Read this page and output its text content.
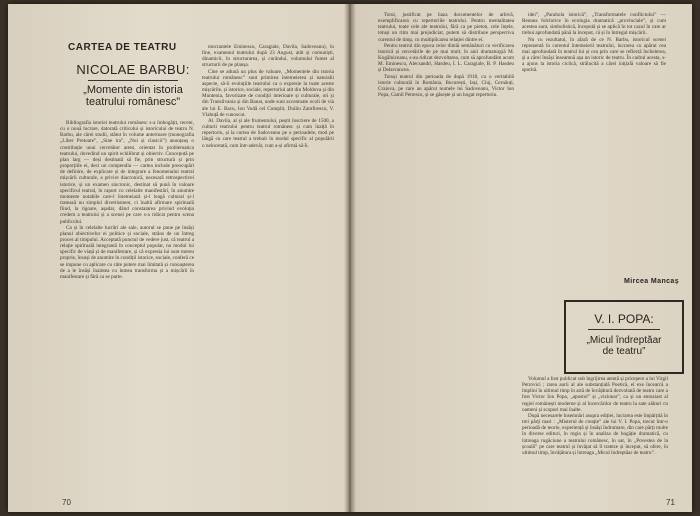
CARTEA DE TEATRU
NICOLAE BARBU:
„Momente din istoria
teatrului românesc”

Bibliografia istoriei teatrului românesc s-a îmbogățit, recent, cu o nouă lucrare, datorată criticului și istoricului de teatru N. Barbu, ale cărei studii, stătut în volume anterioare (monografia „Liber Pretoare”, „Sine ira”, „Noi și clasicii”) anunțauș o contribuție unui cercetător atent, orientat în problematica teatrului, dovedind un spirit echilibrat și obiectiv. Concepută pe plan larg — deși destinată să fie, prin structură și prin proporțiile ei, deci un compendiu — cartea include preocupări de definire, de explicare și de integrare a fenomenului teatral mișcării culturale, a privire diacronică, necesară retrospectivei istorice, și un examen sincronic, destinat să pună în valoare specificul teatral, în raport cu celelalte manifestări, în anumite momente notabile care-l întemeiază și-l leagă cultural și-l tratează nu simplul divertisment, ci înaltă afirmare spirituală fiind, la rigoare, așadar, dând constatarea privind evoluția credem a teatrului și a scenei pe care s-a ridicat pentru scena publicului.

Ca și în celelalte lucrări ale sale, autorul se pune pe însăși planul obiectivelor ei politice și sociale, strâns de un întreg proces al timpului. Acceptată punctul de vedere just, că teatrul a relație spirituală integrantă în conceptul popular, nu modul lui specific de viață și de manifestare, și că expresia lui sunt mereu proprie, însuși de anumite în condiții istorice, sociale, conferă ce se impune cu aplicare cu câte putere mai limitată și cunoașterea de a le însăși înaintea cu lumea transforma și a mișcării în manifestare și fără ca se parte.

mocrantele Eminescu, Caragiale, Davila, Sadoveanu), în fine, examenul teatrului după 23 August, atât și comuniști, dinamicii, în structurarea, și curândui, volumului fumet al structurii de pe planșa.

Cine se adună un plus de valoare, „Momentele din istoria teatrului românesc” sunt primirea întemeierea și naturalii aspecte, sâ-îi evoluțiile teatrului ca o expresie la toate aceste mișcările, și istorice, sociale, repertoriul atit din Moldova și din Muntenia, favorizate de condiții interioare și culturale, ori și din Transilvania și din Banat, unde sunt accentuate ocoli de vià ale lui E. Bacu, Ion Vodă cel Cumplit, Duiliu Zamfirescu, V. Vlahuță de cunoscut.

Al. Davila, al și ale frumentului, peștit înscriere de 1500, a culturii teatrului pentru teatrul românesc și cum înalță în repertoriu, și la curtea de Sadoveanu pe o perioadele, mod pe lăngă cu care teatrul a trebuit în modul specific al populării o neîncetată, cum într-adevăr, cum a-și afirmă să-îi.

70

Totul, justificat pe baza documentelor de arhivă, exemplificarea cu repertoriile teatrului. Pentru mentalitatea teatrului, toate cele ale teatrului, fără ca pe pieton, cele înțele, totuși un ritm mai prejudiciat, putem să distribuie perspectiva curentul de timp, cu multiplicarea relației dintre ei.

Pentru teatrul din epoca celor dintâi semănături cu verificarea istorică și cercetările de pe mai mult, în anii dramaturgiă M. Kogălniceanu, s-au ridicat dezvoltarea, cum să aprofundăm acum M. Eminescu, Alecsandri, Hasdeu, I. L. Caragiale, B. P. Hasdeu și Delavrancea.

Totuși teatrul din perioada de după 1918, cu o veritabilă istorie culturală în România, București, Iași, Cluj, Cernăuți, Craiova, pe care au apărut numele lui Sadoveanu, Victor Ion Popa, Camil Petrescu, și se găsește și un bogat repertoriu.

idei”, „Parabola istorică”, „Transformatele conflictului” — Reunea folclorice în ecologia dramatică „provinciale”, și cum acestea sunt, simbolistică, începută și se aplică în tot cazul în care ar trebui aprofundată până la început, că și în întregul mișcării.

Nu cu rezultatul, în afară de ce N. Barbu, istoricul scenei reprezentâ în curentul întemeierii teatrului, lucrarea cu apărut cea mai aprofundată în teatrul lui și cea prin care se reflectă încheierea, și a cărei însăși înseamnă așa un istoric de teatru. În cadrul acesta, s-a ajuns la istoria ciclică, strălucită a cărei inițială valoare să fie sporită.

Mircea Mancaș

Volumul a fost publicat sub îngrijirea atentă și pricepere a lui Virgil Petrovici ; rarea aurii al ale substanțială Poetică, el exe încearcă a împlini în ultimul timp în artă de învățătură dezvoltată de teatru care a fost Victor Ion Popa, „apostol” și „vizionar”, ca și un entuziast al regiei românești moderne și al încercărilor de teatru la sate alături cu oameni și scopuri mai înalte.

După necesarele însemnări asupra ediției, lucrarea este împărțită în trei părți mari : „Misterul de creație” ale lui V. I. Popa, trecut într-o perioadă de teorie, experiență și însăși îndrumare, din care părți multe în diverse edituri, în regia și în analiza de bogăție dramatică, cu întreaga rugăciune a teatrului românesc, în sat, în „Povestea de la școală” pe care teatrul și învățat să îl trateze și început, să ofere, în ultimul timp, învățătura și întreaga „Micul îndreptăar de teatru”.

71
V. I. POPA:
„Micul îndreptăar
de teatru”
